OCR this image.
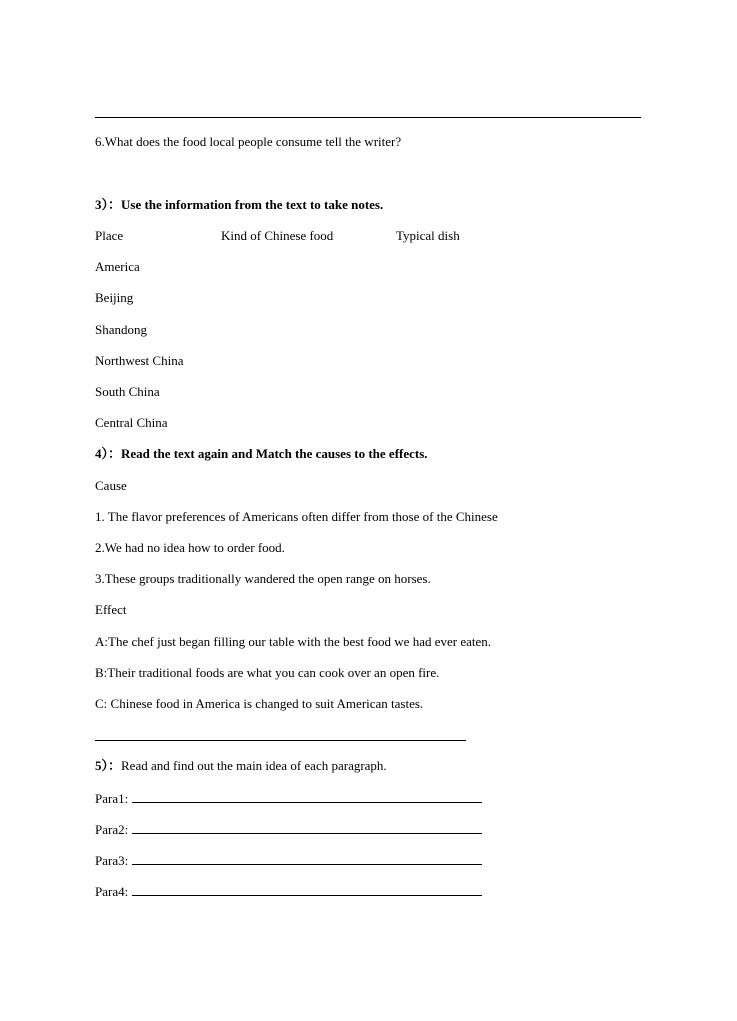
6.What does the food local people consume tell the writer?
3）：Use the information from the text to take notes.
Place	Kind of Chinese food	Typical dish
America
Beijing
Shandong
Northwest China
South China
Central China
4）：Read the text again and Match the causes to the effects.
Cause
1. The flavor preferences of Americans often differ from those of the Chinese
2.We had no idea how to order food.
3.These groups traditionally wandered the open range on horses.
Effect
A:The chef just began filling our table with the best food we had ever eaten.
B:Their traditional foods are what you can cook over an open fire.
C: Chinese food in America is changed to suit American tastes.
5）：Read and find out the main idea of each paragraph.
Para1:
Para2:
Para3:
Para4:
